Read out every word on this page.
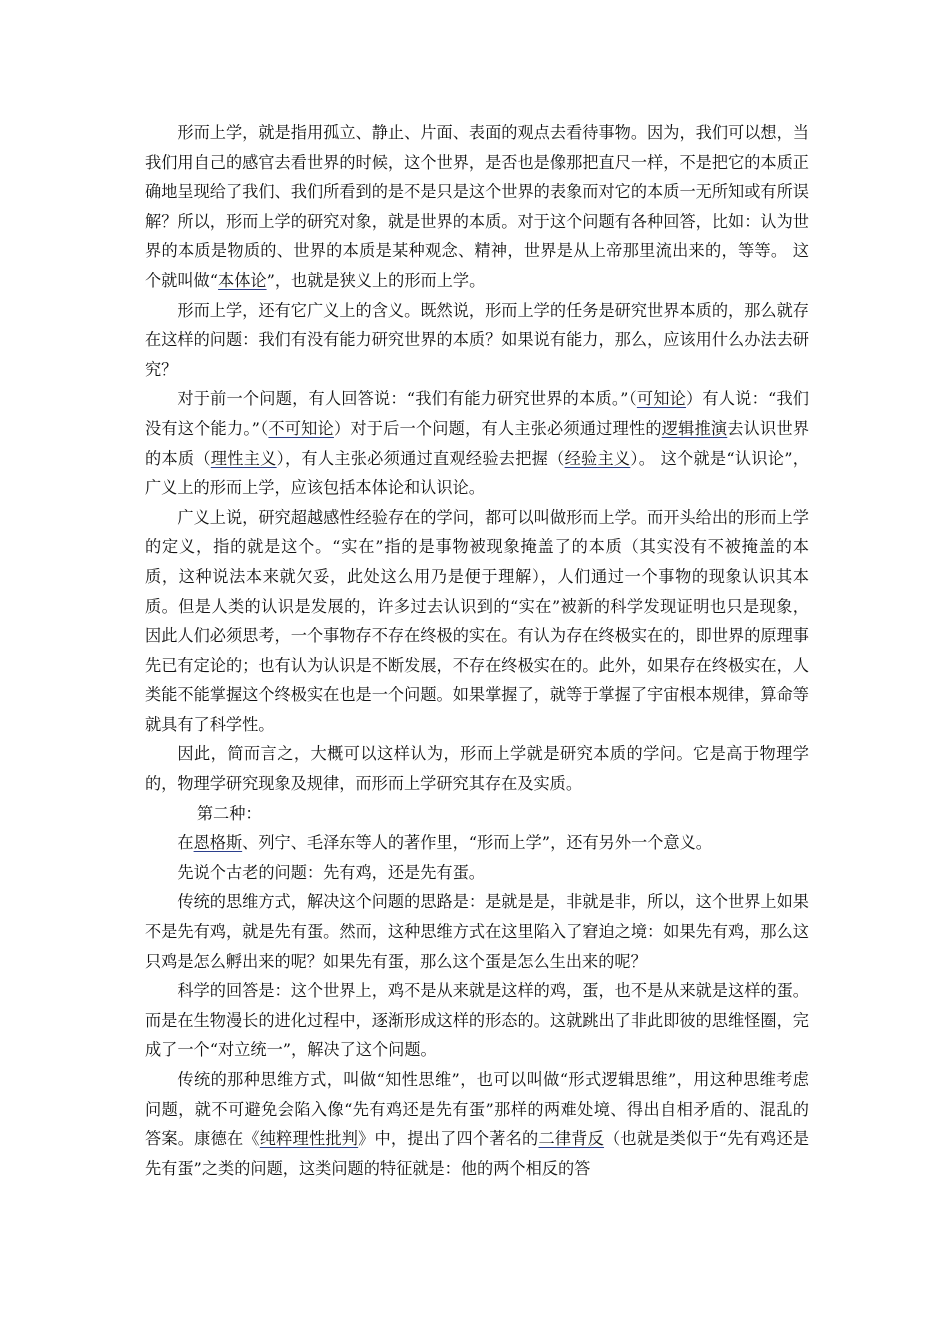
形而上学，就是指用孤立、静止、片面、表面的观点去看待事物。因为，我们可以想，当我们用自己的感官去看世界的时候，这个世界，是否也是像那把直尺一样，不是把它的本质正确地呈现给了我们、我们所看到的是不是只是这个世界的表象而对它的本质一无所知或有所误解？所以，形而上学的研究对象，就是世界的本质。对于这个问题有各种回答，比如：认为世界的本质是物质的、世界的本质是某种观念、精神，世界是从上帝那里流出来的，等等。 这个就叫做“本体论”，也就是狭义上的形而上学。

形而上学，还有它广义上的含义。既然说，形而上学的任务是研究世界本质的，那么就存在这样的问题：我们有没有能力研究世界的本质？如果说有能力，那么，应该用什么办法去研究？

对于前一个问题，有人回答说：“我们有能力研究世界的本质。”（可知论）有人说：“我们没有这个能力。”（不可知论）对于后一个问题，有人主张必须通过理性的逻辑推演去认识世界的本质（理性主义），有人主张必须通过直观经验去把握（经验主义）。 这个就是“认识论”，广义上的形而上学，应该包括本体论和认识论。

广义上说，研究超越感性经验存在的学问，都可以叫做形而上学。而开头给出的形而上学的定义，指的就是这个。“实在”指的是事物被现象掩盖了的本质（其实没有不被掩盖的本质，这种说法本来就欠妥，此处这么用乃是便于理解），人们通过一个事物的现象认识其本质。但是人类的认识是发展的，许多过去认识到的“实在”被新的科学发现证明也只是现象，因此人们必须思考，一个事物存不存在终极的实在。有认为存在终极实在的，即世界的原理事先已有定论的；也有认为认识是不断发展，不存在终极实在的。此外，如果存在终极实在，人类能不能掌握这个终极实在也是一个问题。如果掌握了，就等于掌握了宇宙根本规律，算命等就具有了科学性。

因此，简而言之，大概可以这样认为，形而上学就是研究本质的学问。它是高于物理学的，物理学研究现象及规律，而形而上学研究其存在及实质。

第二种：

在恩格斯、列宁、毛泽东等人的著作里，“形而上学”，还有另外一个意义。

先说个古老的问题：先有鸡，还是先有蛋。

传统的思维方式，解决这个问题的思路是：是就是是，非就是非，所以，这个世界上如果不是先有鸡，就是先有蛋。然而，这种思维方式在这里陷入了窘迫之境：如果先有鸡，那么这只鸡是怎么孵出来的呢？如果先有蛋，那么这个蛋是怎么生出来的呢？

科学的回答是：这个世界上，鸡不是从来就是这样的鸡，蛋，也不是从来就是这样的蛋。而是在生物漫长的进化过程中，逐渐形成这样的形态的。这就跳出了非此即彼的思维怪圈，完成了一个“对立统一”，解决了这个问题。

传统的那种思维方式，叫做“知性思维”，也可以叫做“形式逻辑思维”，用这种思维考虑问题，就不可避免会陷入像“先有鸡还是先有蛋”那样的两难处境、得出自相矛盾的、混乱的答案。康德在《纯粹理性批判》中，提出了四个著名的二律背反（也就是类似于“先有鸡还是先有蛋”之类的问题，这类问题的特征就是：他的两个相反的答
